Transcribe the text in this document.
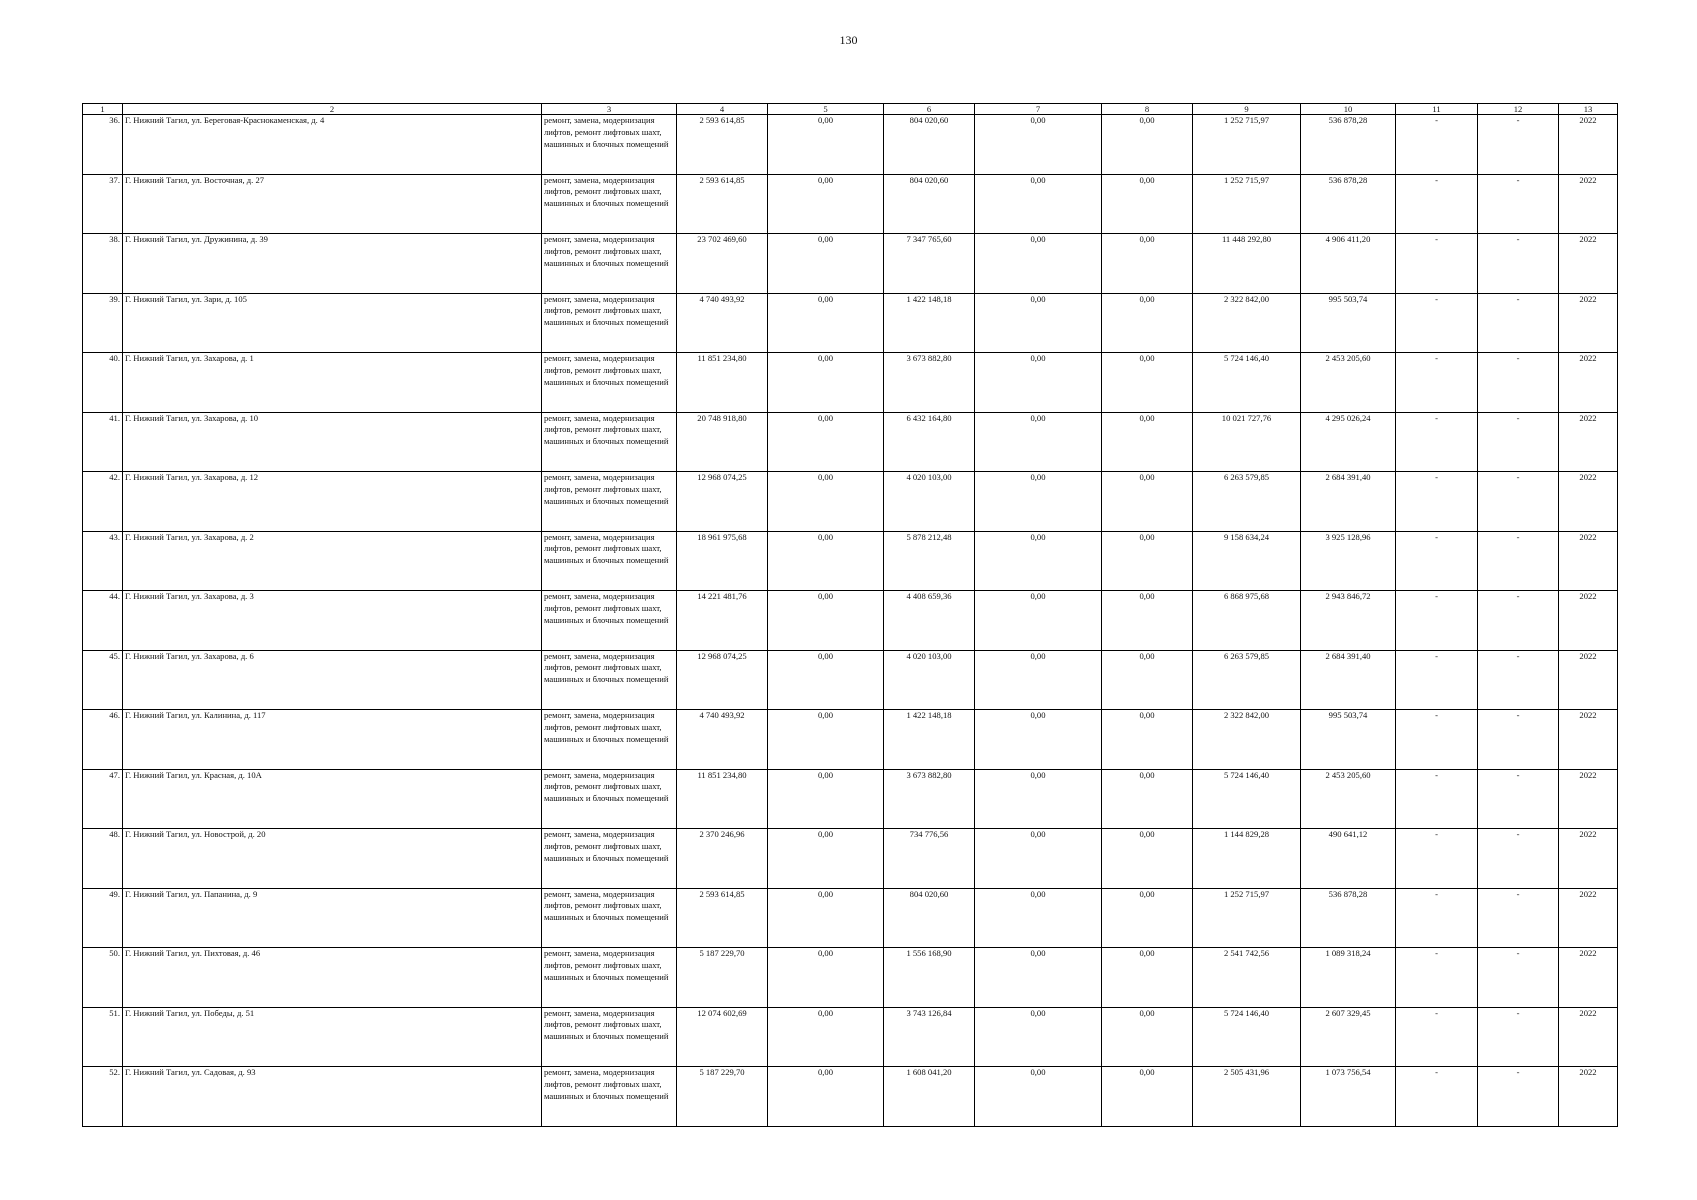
130
1	2	3	4	5	6	7	8	9	10	11	12	13
36.	Г. Нижний Тагил, ул. Береговая-Краснокаменская, д. 4	ремонт, замена, модернизация лифтов, ремонт лифтовых шахт, машинных и блочных помещений	2 593 614,85	0,00	804 020,60	0,00	0,00	1 252 715,97	536 878,28	-	-	2022
37.	Г. Нижний Тагил, ул. Восточная, д. 27	ремонт, замена, модернизация лифтов, ремонт лифтовых шахт, машинных и блочных помещений	2 593 614,85	0,00	804 020,60	0,00	0,00	1 252 715,97	536 878,28	-	-	2022
38.	Г. Нижний Тагил, ул. Дружинина, д. 39	ремонт, замена, модернизация лифтов, ремонт лифтовых шахт, машинных и блочных помещений	23 702 469,60	0,00	7 347 765,60	0,00	0,00	11 448 292,80	4 906 411,20	-	-	2022
39.	Г. Нижний Тагил, ул. Зари, д. 105	ремонт, замена, модернизация лифтов, ремонт лифтовых шахт, машинных и блочных помещений	4 740 493,92	0,00	1 422 148,18	0,00	0,00	2 322 842,00	995 503,74	-	-	2022
40.	Г. Нижний Тагил, ул. Захарова, д. 1	ремонт, замена, модернизация лифтов, ремонт лифтовых шахт, машинных и блочных помещений	11 851 234,80	0,00	3 673 882,80	0,00	0,00	5 724 146,40	2 453 205,60	-	-	2022
41.	Г. Нижний Тагил, ул. Захарова, д. 10	ремонт, замена, модернизация лифтов, ремонт лифтовых шахт, машинных и блочных помещений	20 748 918,80	0,00	6 432 164,80	0,00	0,00	10 021 727,76	4 295 026,24	-	-	2022
42.	Г. Нижний Тагил, ул. Захарова, д. 12	ремонт, замена, модернизация лифтов, ремонт лифтовых шахт, машинных и блочных помещений	12 968 074,25	0,00	4 020 103,00	0,00	0,00	6 263 579,85	2 684 391,40	-	-	2022
43.	Г. Нижний Тагил, ул. Захарова, д. 2	ремонт, замена, модернизация лифтов, ремонт лифтовых шахт, машинных и блочных помещений	18 961 975,68	0,00	5 878 212,48	0,00	0,00	9 158 634,24	3 925 128,96	-	-	2022
44.	Г. Нижний Тагил, ул. Захарова, д. 3	ремонт, замена, модернизация лифтов, ремонт лифтовых шахт, машинных и блочных помещений	14 221 481,76	0,00	4 408 659,36	0,00	0,00	6 868 975,68	2 943 846,72	-	-	2022
45.	Г. Нижний Тагил, ул. Захарова, д. 6	ремонт, замена, модернизация лифтов, ремонт лифтовых шахт, машинных и блочных помещений	12 968 074,25	0,00	4 020 103,00	0,00	0,00	6 263 579,85	2 684 391,40	-	-	2022
46.	Г. Нижний Тагил, ул. Калинина, д. 117	ремонт, замена, модернизация лифтов, ремонт лифтовых шахт, машинных и блочных помещений	4 740 493,92	0,00	1 422 148,18	0,00	0,00	2 322 842,00	995 503,74	-	-	2022
47.	Г. Нижний Тагил, ул. Красная, д. 10А	ремонт, замена, модернизация лифтов, ремонт лифтовых шахт, машинных и блочных помещений	11 851 234,80	0,00	3 673 882,80	0,00	0,00	5 724 146,40	2 453 205,60	-	-	2022
48.	Г. Нижний Тагил, ул. Новострой, д. 20	ремонт, замена, модернизация лифтов, ремонт лифтовых шахт, машинных и блочных помещений	2 370 246,96	0,00	734 776,56	0,00	0,00	1 144 829,28	490 641,12	-	-	2022
49.	Г. Нижний Тагил, ул. Папанина, д. 9	ремонт, замена, модернизация лифтов, ремонт лифтовых шахт, машинных и блочных помещений	2 593 614,85	0,00	804 020,60	0,00	0,00	1 252 715,97	536 878,28	-	-	2022
50.	Г. Нижний Тагил, ул. Пихтовая, д. 46	ремонт, замена, модернизация лифтов, ремонт лифтовых шахт, машинных и блочных помещений	5 187 229,70	0,00	1 556 168,90	0,00	0,00	2 541 742,56	1 089 318,24	-	-	2022
51.	Г. Нижний Тагил, ул. Победы, д. 51	ремонт, замена, модернизация лифтов, ремонт лифтовых шахт, машинных и блочных помещений	12 074 602,69	0,00	3 743 126,84	0,00	0,00	5 724 146,40	2 607 329,45	-	-	2022
52.	Г. Нижний Тагил, ул. Садовая, д. 93	ремонт, замена, модернизация лифтов, ремонт лифтовых шахт, машинных и блочных помещений	5 187 229,70	0,00	1 608 041,20	0,00	0,00	2 505 431,96	1 073 756,54	-	-	2022
